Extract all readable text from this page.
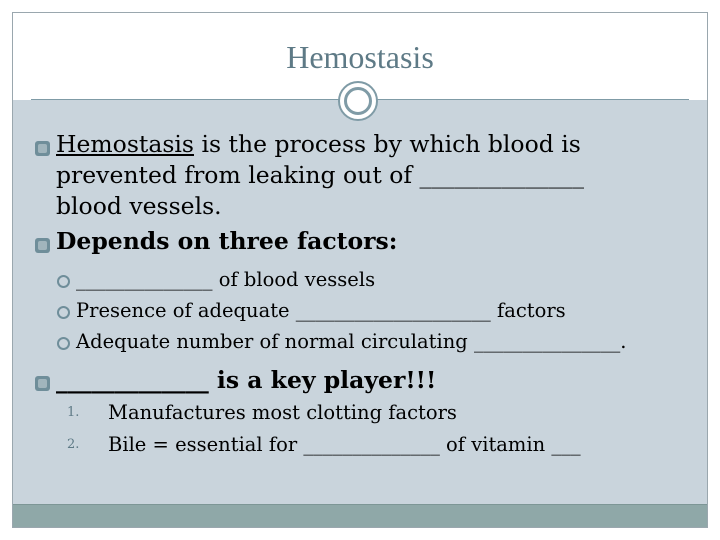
Hemostasis
Hemostasis is the process by which blood is
prevented from leaking out of ______________
blood vessels.
Depends on three factors:
______________ of blood vessels
Presence of adequate ____________________ factors
Adequate number of normal circulating _______________.
_____________ is a key player!!!
1. Manufactures most clotting factors
2. Bile = essential for ______________ of vitamin ___
